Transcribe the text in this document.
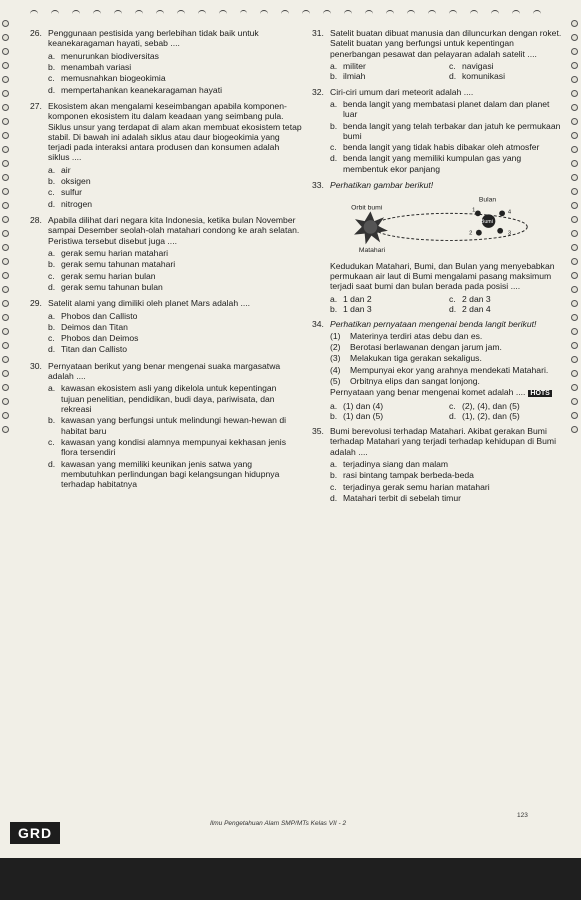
26. Penggunaan pestisida yang berlebihan tidak baik untuk keanekaragaman hayati, sebab ....
a. menurunkan biodiversitas
b. menambah variasi
c. memusnahkan biogeokimia
d. mempertahankan keanekaragaman hayati
27. Ekosistem akan mengalami keseimbangan apabila komponen-komponen ekosistem itu dalam keadaan yang seimbang pula. Siklus unsur yang terdapat di alam akan membuat ekosistem tetap stabil. Di bawah ini adalah siklus atau daur biogeokimia yang terjadi pada interaksi antara produsen dan konsumen adalah siklus ....
a. air
b. oksigen
c. sulfur
d. nitrogen
28. Apabila dilihat dari negara kita Indonesia, ketika bulan November sampai Desember seolah-olah matahari condong ke arah selatan. Peristiwa tersebut disebut juga ....
a. gerak semu harian matahari
b. gerak semu tahunan matahari
c. gerak semu harian bulan
d. gerak semu tahunan bulan
29. Satelit alami yang dimiliki oleh planet Mars adalah ....
a. Phobos dan Callisto
b. Deimos dan Titan
c. Phobos dan Deimos
d. Titan dan Callisto
30. Pernyataan berikut yang benar mengenai suaka margasatwa adalah ....
a. kawasan ekosistem asli yang dikelola untuk kepentingan tujuan penelitian, pendidikan, budi daya, pariwisata, dan rekreasi
b. kawasan yang berfungsi untuk melindungi hewan-hewan di habitat baru
c. kawasan yang kondisi alamnya mempunyai kekhasan jenis flora tersendiri
d. kawasan yang memiliki keunikan jenis satwa yang membutuhkan perlindungan bagi kelangsungan hidupnya terhadap habitatnya
31. Satelit buatan dibuat manusia dan diluncurkan dengan roket. Satelit buatan yang berfungsi untuk kepentingan penerbangan pesawat dan pelayaran adalah satelit ....
a. militer	c. navigasi
b. ilmiah	d. komunikasi
32. Ciri-ciri umum dari meteorit adalah ....
a. benda langit yang membatasi planet dalam dan planet luar
b. benda langit yang telah terbakar dan jatuh ke permukaan bumi
c. benda langit yang tidak habis dibakar oleh atmosfer
d. benda langit yang memiliki kumpulan gas yang membentuk ekor panjang
33. Perhatikan gambar berikut!
Bulan
Orbit bumi
Matahari
Bumi
1	4
2	3
Kedudukan Matahari, Bumi, dan Bulan yang menyebabkan permukaan air laut di Bumi mengalami pasang maksimum terjadi saat bumi dan bulan berada pada posisi ....
a. 1 dan 2	c. 2 dan 3
b. 1 dan 3	d. 2 dan 4
34. Perhatikan pernyataan mengenai benda langit berikut!
(1)	Materinya terdiri atas debu dan es.
(2)	Berotasi berlawanan dengan jarum jam.
(3)	Melakukan tiga gerakan sekaligus.
(4)	Mempunyai ekor yang arahnya mendekati Matahari.
(5)	Orbitnya elips dan sangat lonjong.
Pernyataan yang benar mengenai komet adalah .... HOTS
a. (1) dan (4)	c. (2), (4), dan (5)
b. (1) dan (5)	d. (1), (2), dan (5)
35. Bumi berevolusi terhadap Matahari. Akibat gerakan Bumi terhadap Matahari yang terjadi terhadap kehidupan di Bumi adalah ....
a. terjadinya siang dan malam
b. rasi bintang tampak berbeda-beda
c. terjadinya gerak semu harian matahari
d. Matahari terbit di sebelah timur
Ilmu Pengetahuan Alam SMP/MTs Kelas VII - 2
123
GRD
